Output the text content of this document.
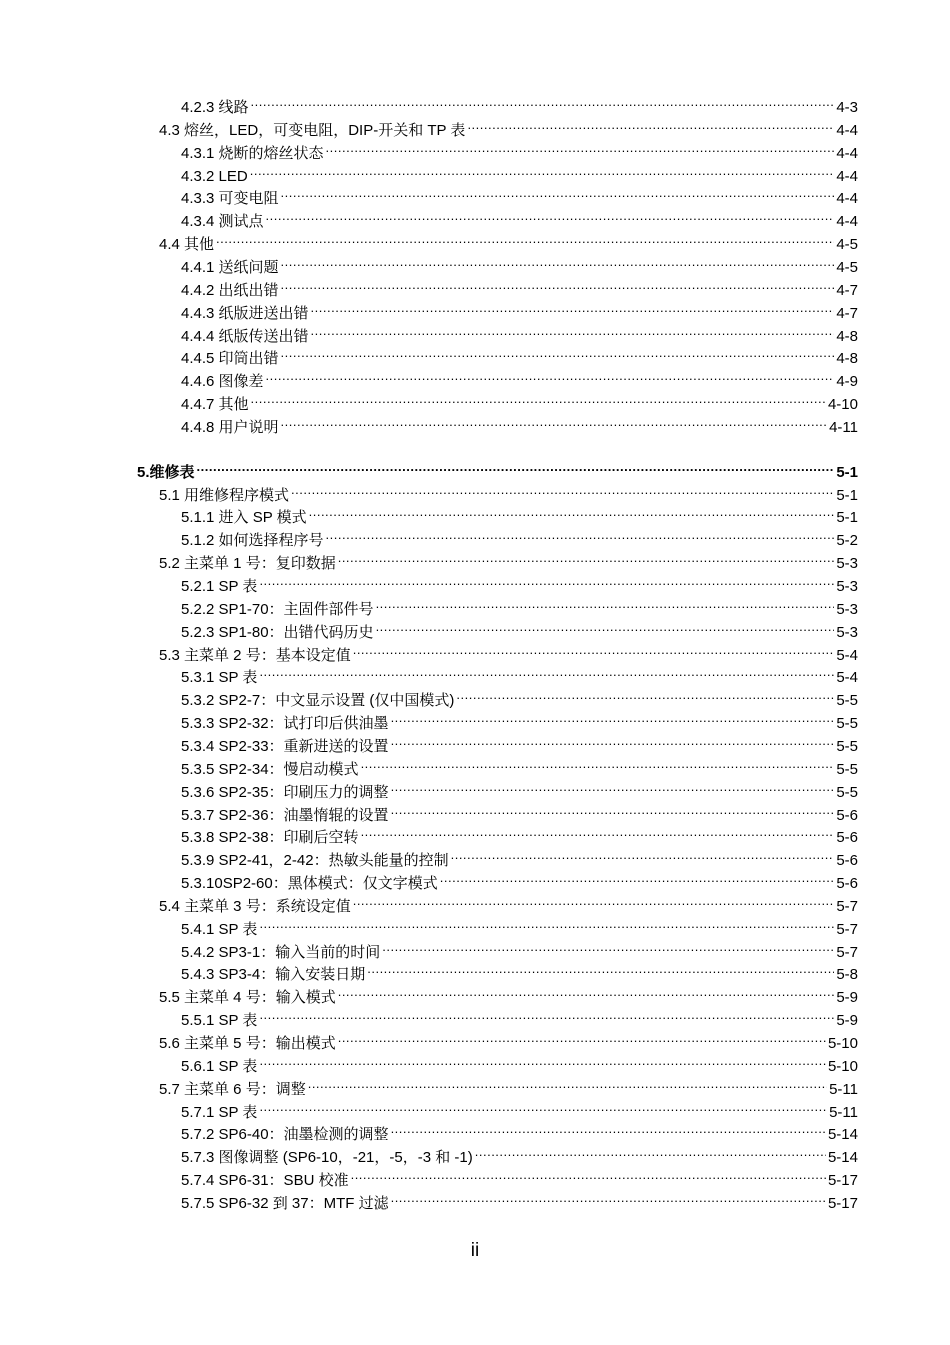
4.2.3 线路 .....	4-3
4.3 熔丝，LED，可变电阻，DIP-开关和 TP 表 .....	4-4
4.3.1 烧断的熔丝状态 .....	4-4
4.3.2 LED .....	4-4
4.3.3 可变电阻 .....	4-4
4.3.4 测试点 .....	4-4
4.4 其他 .....	4-5
4.4.1 送纸问题 .....	4-5
4.4.2 出纸出错 .....	4-7
4.4.3 纸版进送出错 .....	4-7
4.4.4 纸版传送出错 .....	4-8
4.4.5 印筒出错 .....	4-8
4.4.6 图像差 .....	4-9
4.4.7 其他 .....	4-10
4.4.8 用户说明 .....	4-11
5.维修表 .....	5-1
5.1 用维修程序模式 .....	5-1
5.1.1 进入 SP 模式 .....	5-1
5.1.2 如何选择程序号 .....	5-2
5.2 主菜单 1 号：复印数据 .....	5-3
5.2.1 SP 表 .....	5-3
5.2.2 SP1-70：主固件部件号 .....	5-3
5.2.3 SP1-80：出错代码历史 .....	5-3
5.3 主菜单 2 号：基本设定值 .....	5-4
5.3.1 SP 表 .....	5-4
5.3.2 SP2-7：中文显示设置 (仅中国模式) .....	5-5
5.3.3 SP2-32：试打印后供油墨 .....	5-5
5.3.4 SP2-33：重新进送的设置 .....	5-5
5.3.5 SP2-34：慢启动模式 .....	5-5
5.3.6 SP2-35：印刷压力的调整 .....	5-5
5.3.7 SP2-36：油墨惰辊的设置 .....	5-6
5.3.8 SP2-38：印刷后空转 .....	5-6
5.3.9 SP2-41，2-42：热敏头能量的控制 .....	5-6
5.3.10SP2-60：黑体模式：仅文字模式 .....	5-6
5.4 主菜单 3 号：系统设定值 .....	5-7
5.4.1 SP 表 .....	5-7
5.4.2 SP3-1：输入当前的时间 .....	5-7
5.4.3 SP3-4：输入安装日期 .....	5-8
5.5 主菜单 4 号：输入模式 .....	5-9
5.5.1 SP 表 .....	5-9
5.6 主菜单 5 号：输出模式 .....	5-10
5.6.1 SP 表 .....	5-10
5.7 主菜单 6 号：调整 .....	5-11
5.7.1 SP 表 .....	5-11
5.7.2 SP6-40：油墨检测的调整 .....	5-14
5.7.3 图像调整 (SP6-10，-21，-5，-3 和 -1) .....	5-14
5.7.4 SP6-31：SBU 校准 .....	5-17
5.7.5 SP6-32 到 37：MTF 过滤 .....	5-17
ii
